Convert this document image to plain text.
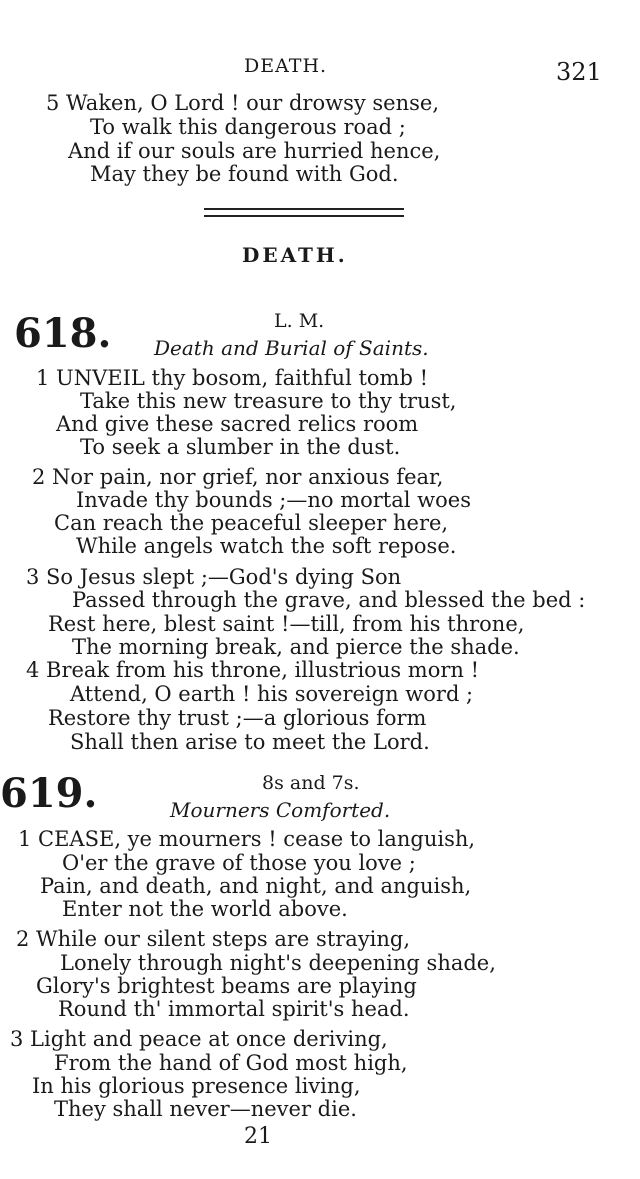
DEATH.	321
5 Waken, O Lord ! our drowsy sense,
To walk this dangerous road ;
And if our souls are hurried hence,
May they be found with God.
DEATH.
618.	L. M.
Death and Burial of Saints.
1 UNVEIL thy bosom, faithful tomb !
Take this new treasure to thy trust,
And give these sacred relics room
To seek a slumber in the dust.
2 Nor pain, nor grief, nor anxious fear,
Invade thy bounds ;—no mortal woes
Can reach the peaceful sleeper here,
While angels watch the soft repose.
3 So Jesus slept ;—God's dying Son
Passed through the grave, and blessed the bed :
Rest here, blest saint !—till, from his throne,
The morning break, and pierce the shade.
4 Break from his throne, illustrious morn !
Attend, O earth ! his sovereign word ;
Restore thy trust ;—a glorious form
Shall then arise to meet the Lord.
619.	8s and 7s.
Mourners Comforted.
1 CEASE, ye mourners ! cease to languish,
O'er the grave of those you love ;
Pain, and death, and night, and anguish,
Enter not the world above.
2 While our silent steps are straying,
Lonely through night's deepening shade,
Glory's brightest beams are playing
Round th' immortal spirit's head.
3 Light and peace at once deriving,
From the hand of God most high,
In his glorious presence living,
They shall never—never die.
21
